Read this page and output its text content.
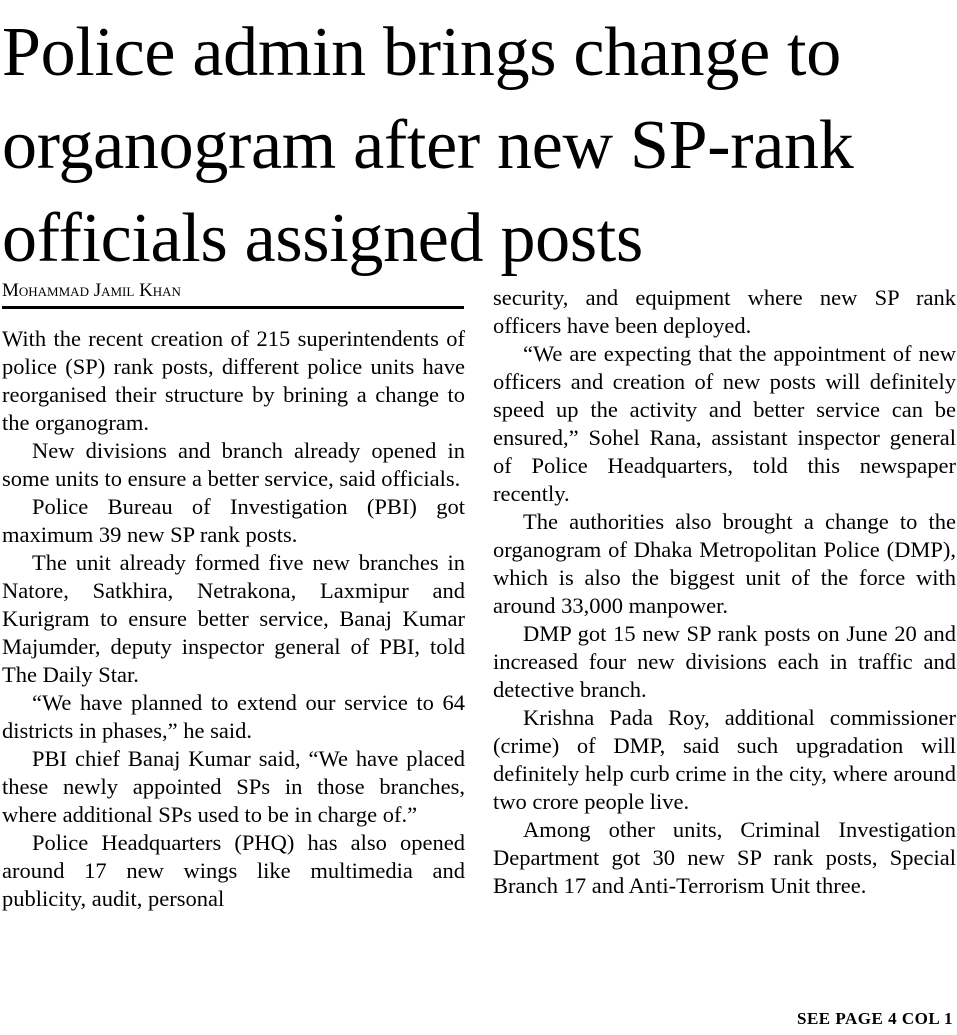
Police admin brings change to organogram after new SP-rank officials assigned posts
Mohammad Jamil Khan

With the recent creation of 215 superintendents of police (SP) rank posts, different police units have reorganised their structure by brining a change to the organogram.

New divisions and branch already opened in some units to ensure a better service, said officials.

Police Bureau of Investigation (PBI) got maximum 39 new SP rank posts.

The unit already formed five new branches in Natore, Satkhira, Netrakona, Laxmipur and Kurigram to ensure better service, Banaj Kumar Majumder, deputy inspector general of PBI, told The Daily Star.

“We have planned to extend our service to 64 districts in phases,” he said.

PBI chief Banaj Kumar said, “We have placed these newly appointed SPs in those branches, where additional SPs used to be in charge of.”

Police Headquarters (PHQ) has also opened around 17 new wings like multimedia and publicity, audit, personal

security, and equipment where new SP rank officers have been deployed.

“We are expecting that the appointment of new officers and creation of new posts will definitely speed up the activity and better service can be ensured,” Sohel Rana, assistant inspector general of Police Headquarters, told this newspaper recently.

The authorities also brought a change to the organogram of Dhaka Metropolitan Police (DMP), which is also the biggest unit of the force with around 33,000 manpower.

DMP got 15 new SP rank posts on June 20 and increased four new divisions each in traffic and detective branch.

Krishna Pada Roy, additional commissioner (crime) of DMP, said such upgradation will definitely help curb crime in the city, where around two crore people live.

Among other units, Criminal Investigation Department got 30 new SP rank posts, Special Branch 17 and Anti-Terrorism Unit three.

SEE PAGE 4 COL 1
